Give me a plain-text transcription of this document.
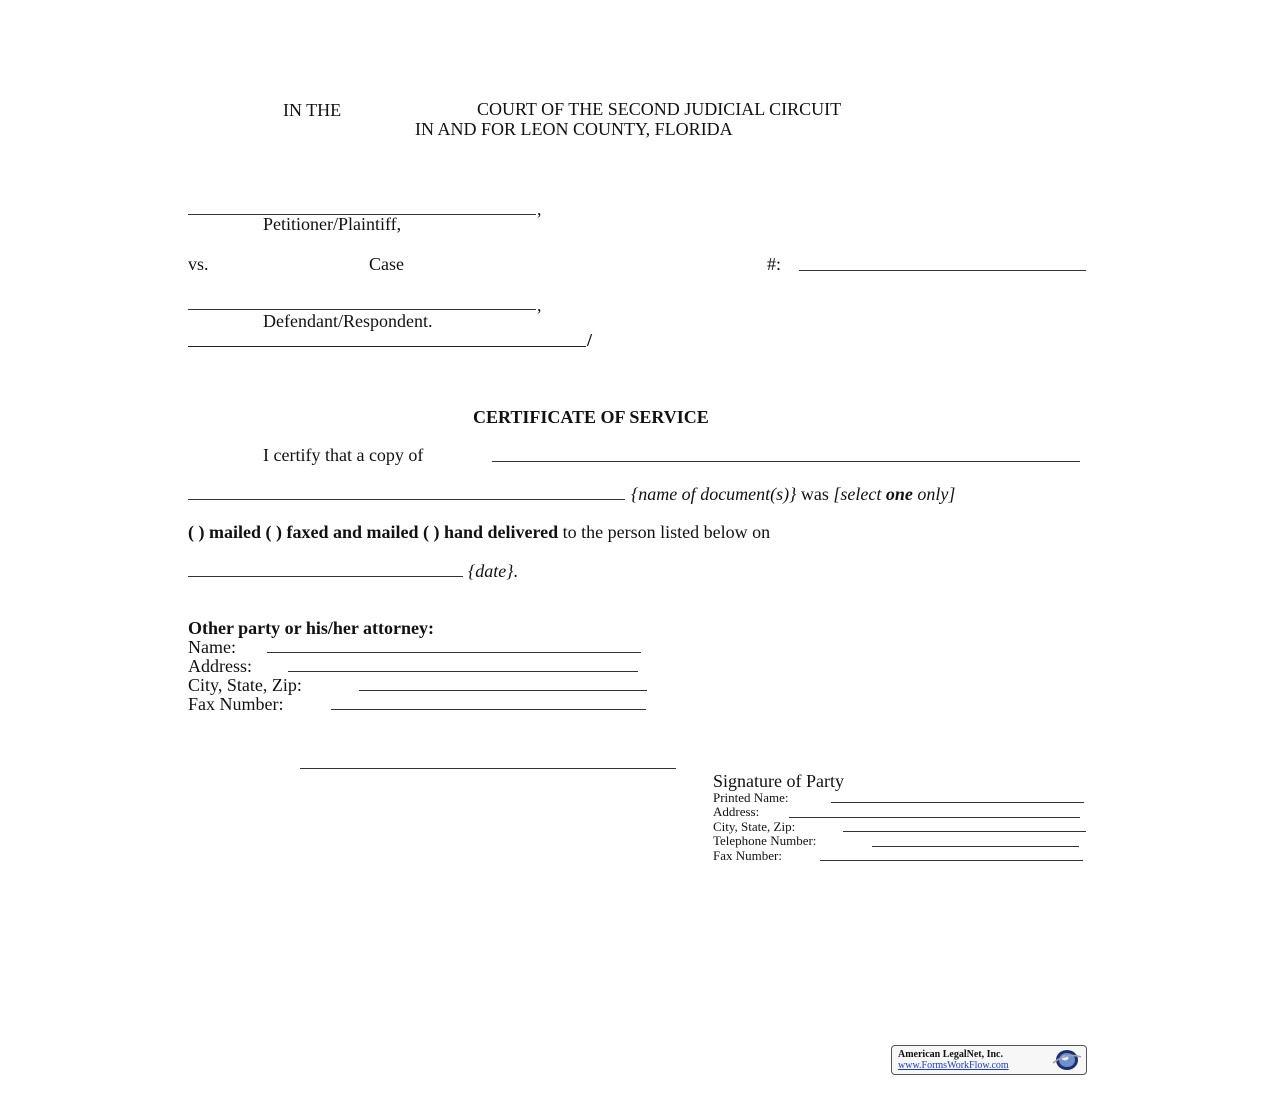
IN THE	COURT OF THE SECOND JUDICIAL CIRCUIT
IN AND FOR LEON COUNTY, FLORIDA
,
Petitioner/Plaintiff,
vs.	Case	#:
,
Defendant/Respondent.
/
CERTIFICATE OF SERVICE
I certify that a copy of
{name of document(s)} was [select one only]
( ) mailed ( ) faxed and mailed ( ) hand delivered to the person listed below on
{date}.
Other party or his/her attorney:
Name:
Address:
City, State, Zip:
Fax Number:
Signature of Party
Printed Name:
Address:
City, State, Zip:
Telephone Number:
Fax Number:
American LegalNet, Inc.
www.FormsWorkFlow.com
